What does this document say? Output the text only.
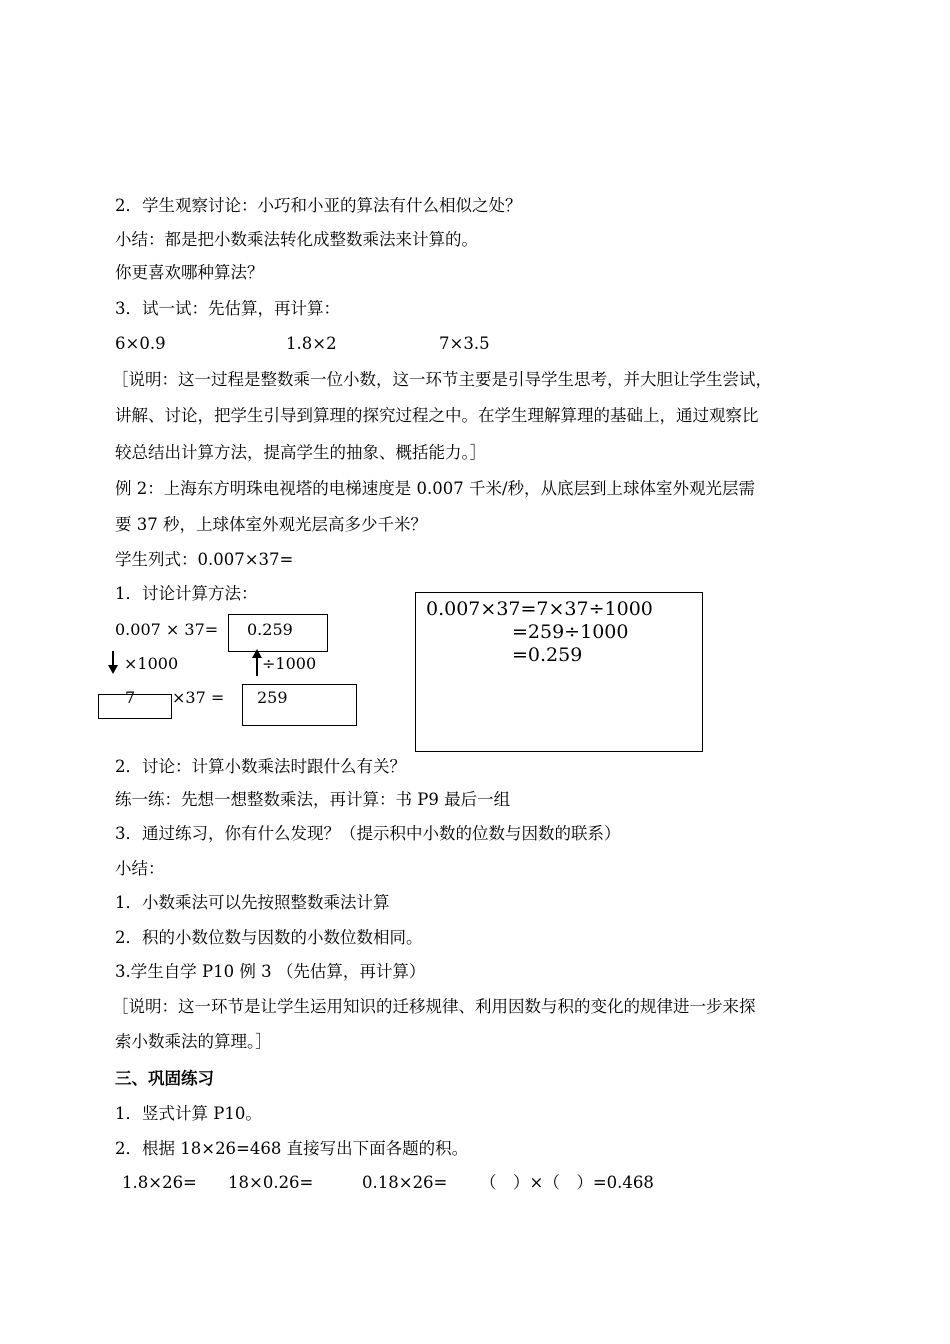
2．学生观察讨论：小巧和小亚的算法有什么相似之处？
小结：都是把小数乘法转化成整数乘法来计算的。
你更喜欢哪种算法？
3．试一试：先估算，再计算：
6×0.9	1.8×2	7×3.5
［说明：这一过程是整数乘一位小数，这一环节主要是引导学生思考，并大胆让学生尝试，
讲解、讨论，把学生引导到算理的探究过程之中。在学生理解算理的基础上，通过观察比
较总结出计算方法，提高学生的抽象、概括能力。］
例 2：上海东方明珠电视塔的电梯速度是 0.007 千米/秒，从底层到上球体室外观光层需
要 37 秒，上球体室外观光层高多少千米？
学生列式：0.007×37=
1．讨论计算方法：
0.007 × 37= 0.259
×1000	÷1000
7 ×37 = 259
0.007×37=7×37÷1000
=259÷1000
=0.259
2．讨论：计算小数乘法时跟什么有关？
练一练：先想一想整数乘法，再计算：书 P9 最后一组
3．通过练习，你有什么发现？（提示积中小数的位数与因数的联系）
小结：
1．小数乘法可以先按照整数乘法计算
2．积的小数位数与因数的小数位数相同。
3.学生自学 P10 例 3 （先估算，再计算）
［说明：这一环节是让学生运用知识的迁移规律、利用因数与积的变化的规律进一步来探
索小数乘法的算理。］
三、巩固练习
1．竖式计算 P10。
2．根据 18×26=468 直接写出下面各题的积。
1.8×26= 18×0.26=	0.18×26= （　）×（　）=0.468
